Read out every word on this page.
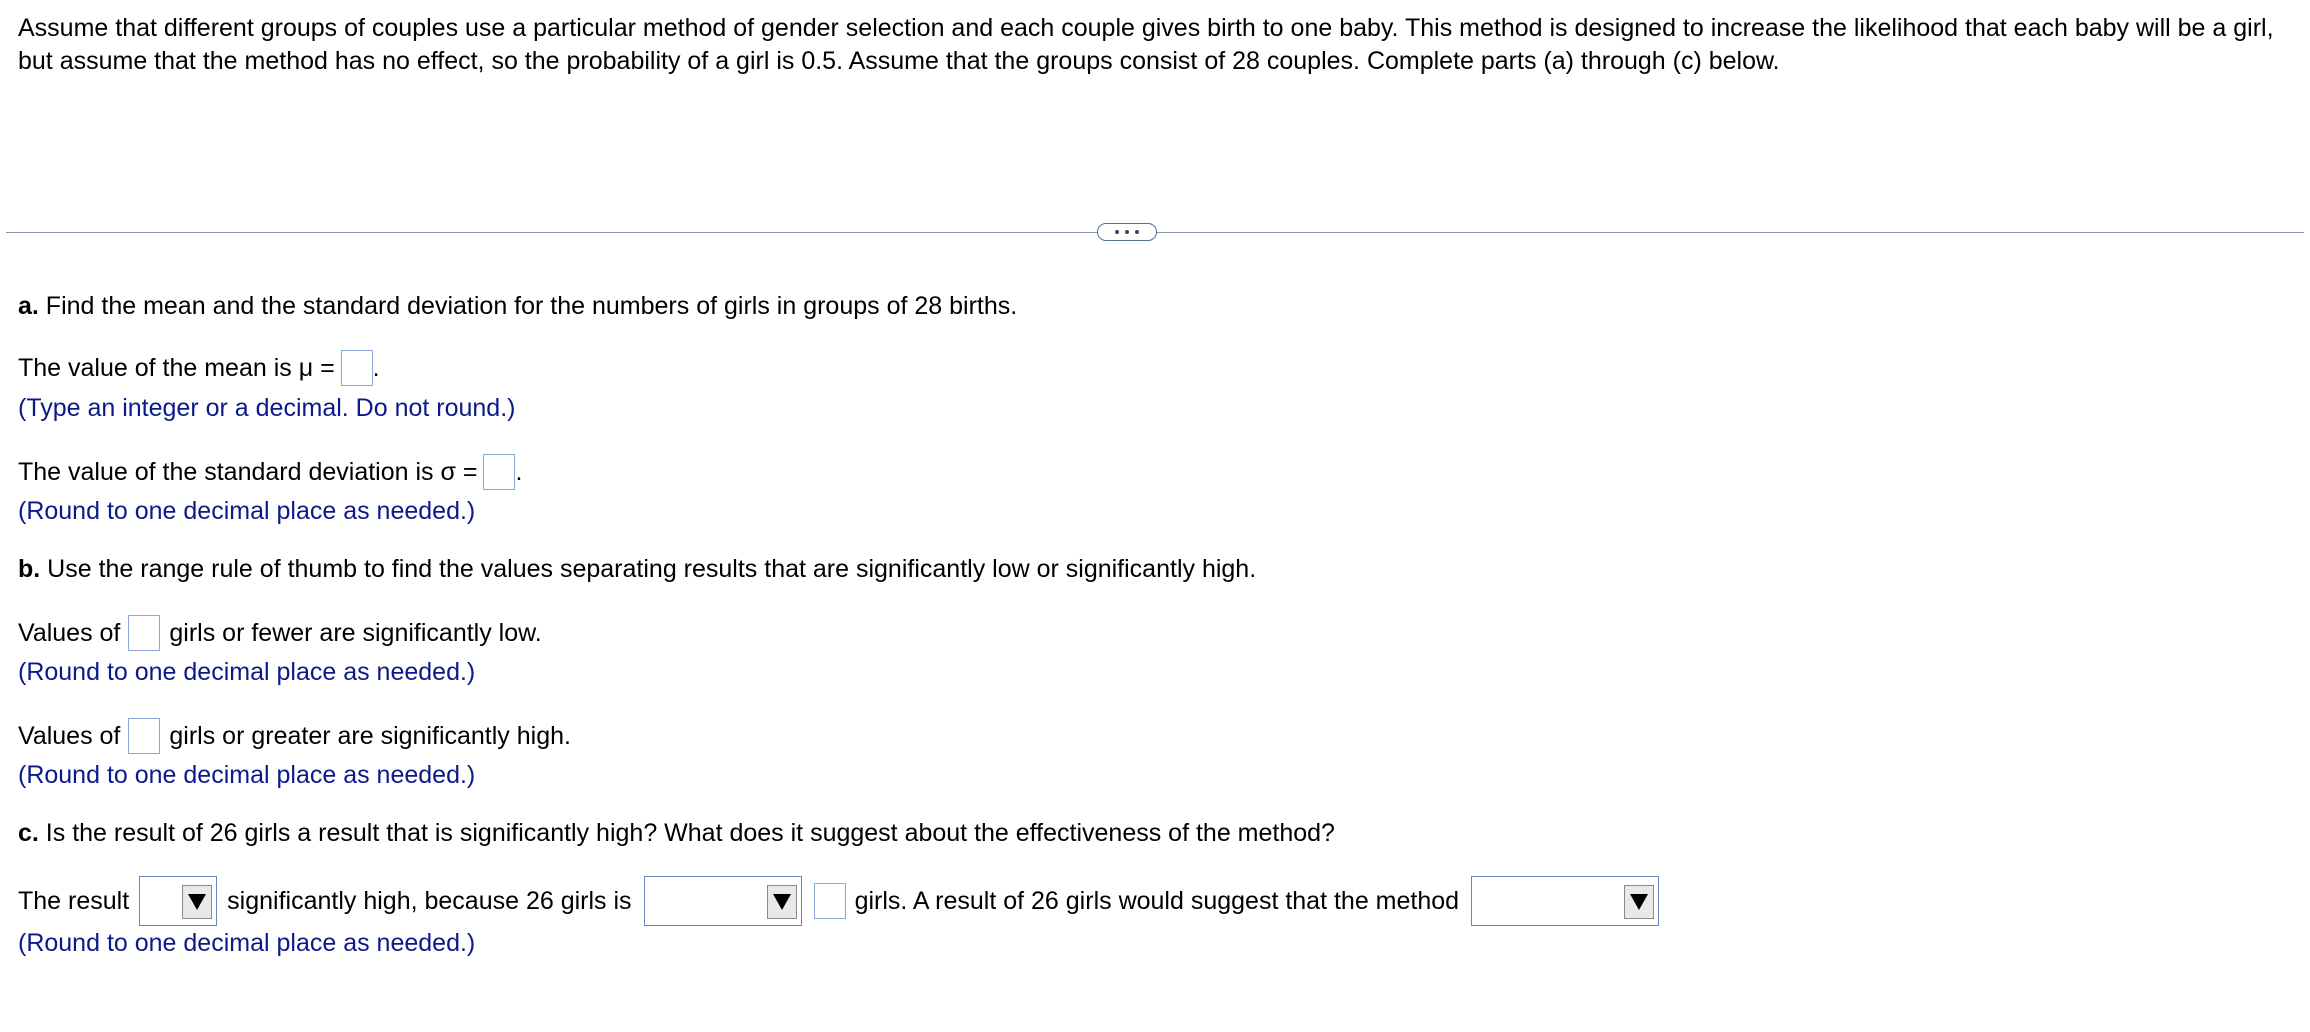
Assume that different groups of couples use a particular method of gender selection and each couple gives birth to one baby. This method is designed to increase the likelihood that each baby will be a girl, but assume that the method has no effect, so the probability of a girl is 0.5. Assume that the groups consist of 28 couples. Complete parts (a) through (c) below.
a. Find the mean and the standard deviation for the numbers of girls in groups of 28 births.
The value of the mean is μ = .
(Type an integer or a decimal. Do not round.)
The value of the standard deviation is σ = .
(Round to one decimal place as needed.)
b. Use the range rule of thumb to find the values separating results that are significantly low or significantly high.
Values of girls or fewer are significantly low.
(Round to one decimal place as needed.)
Values of girls or greater are significantly high.
(Round to one decimal place as needed.)
c. Is the result of 26 girls a result that is significantly high? What does it suggest about the effectiveness of the method?
The result	significantly high, because 26 girls is	girls. A result of 26 girls would suggest that the method
(Round to one decimal place as needed.)
